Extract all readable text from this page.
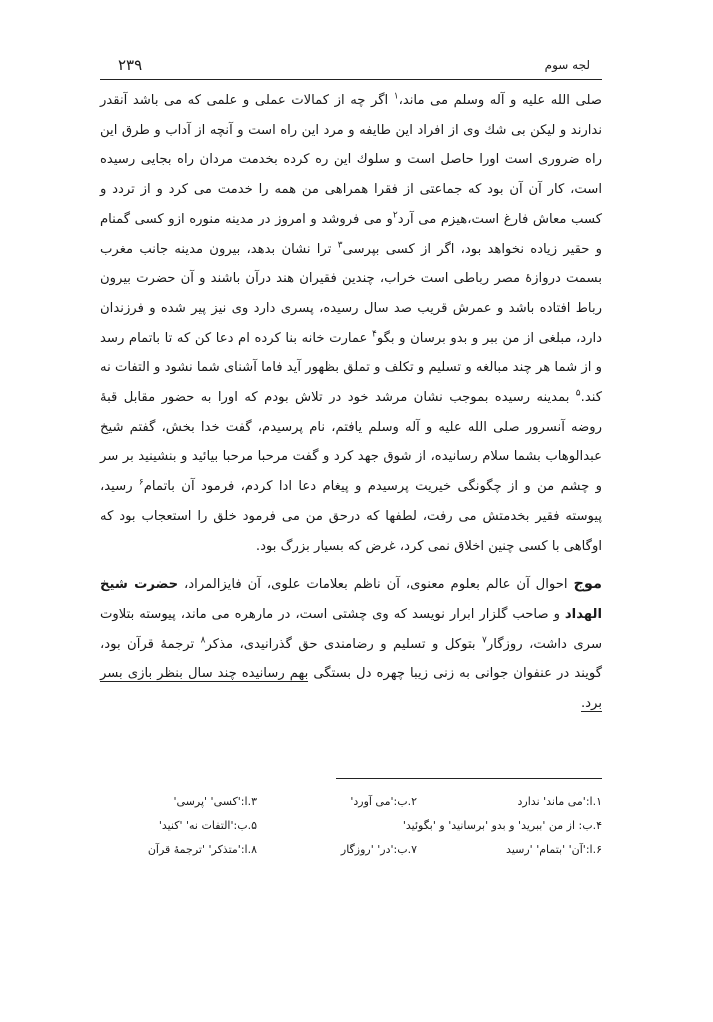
۲۳۹	لجه سوم

صلی الله علیه و آله وسلم می ماند،$^۱$ اگر چه از کمالات عملی و علمی که می باشد آنقدر ندارند و لیکن بی شك وی از افراد این طایفه و مرد این راه است و آنچه از آداب و طرق این راه ضروری است اورا حاصل است و سلوك این ره کرده بخدمت مردان راه بجایی رسیده است، کار آن آن بود که جماعتی از فقرا همراهی من همه را خدمت می کرد و از تردد و کسب معاش فارغ است،هیزم می آرد$^۲$و می فروشد و امروز در مدینه منوره ازو کسی گمنام و حقیر زیاده نخواهد بود، اگر از کسی بپرسی$^۳$ ترا نشان بدهد، بیرون مدینه جانب مغرب بسمت دروازۀ مصر رباطی است خراب، چندین فقیران هند درآن باشند و آن حضرت بیرون رباط افتاده باشد و عمرش قریب صد سال رسیده، پسری دارد وی نیز پیر شده و فرزندان دارد، مبلغی از من ببر و بدو برسان و بگو$^۴$ عمارت خانه بنا کرده ام دعا کن که تا باتمام رسد و از شما هر چند مبالغه و تسلیم و تکلف و تملق بظهور آید فاما آشنای شما نشود و التفات نه کند.$^۵$ بمدینه رسیده بموجب نشان مرشد خود در تلاش بودم که اورا به حضور مقابل قبۀ روضه آنسرور صلی الله علیه و آله وسلم یافتم، نام پرسیدم، گفت خدا بخش، گفتم شیخ عبدالوهاب بشما سلام رسانیده، از شوق جهد کرد و گفت مرحبا مرحبا بیائید و بنشینید بر سر و چشم من و از چگونگی خیریت پرسیدم و پیغام دعا ادا کردم، فرمود آن باتمام$^۶$ رسید، پیوسته فقیر بخدمتش می رفت، لطفها که درحق من می فرمود خلق را استعجاب بود که اوگاهی با کسی چنین اخلاق نمی کرد، غرض که بسیار بزرگ بود.

موج احوال آن عالم بعلوم معنوی، آن ناظم بعلامات علوی، آن فایزالمراد، حضرت شیخ الهداد و صاحب گلزار ابرار نویسد که وی چشتی است، در مارهره می ماند، پیوسته بتلاوت سری داشت، روزگار$^۷$ بتوکل و تسلیم و رضامندی حق گذرانیدی، مذکر$^۸$ ترجمۀ قرآن بود، گویند در عنفوان جوانی به زنی زیبا چهره دل بستگی بهم رسانیده چند سال بنظر بازی بسر برد.

۱.ا:'می ماند' ندارد
۲.ب:'می آورد'
۳.ا:'کسی' 'پرسی'
۴.ب: از من 'ببرید' و بدو 'برسانید' و 'بگوئید'
۵.ب:'التفات نه' 'کنید'
۶.ا:'آن' 'بتمام' 'رسید
۷.ب:'در' 'روزگار
۸.ا:'متذکر' 'ترجمۀ قرآن
